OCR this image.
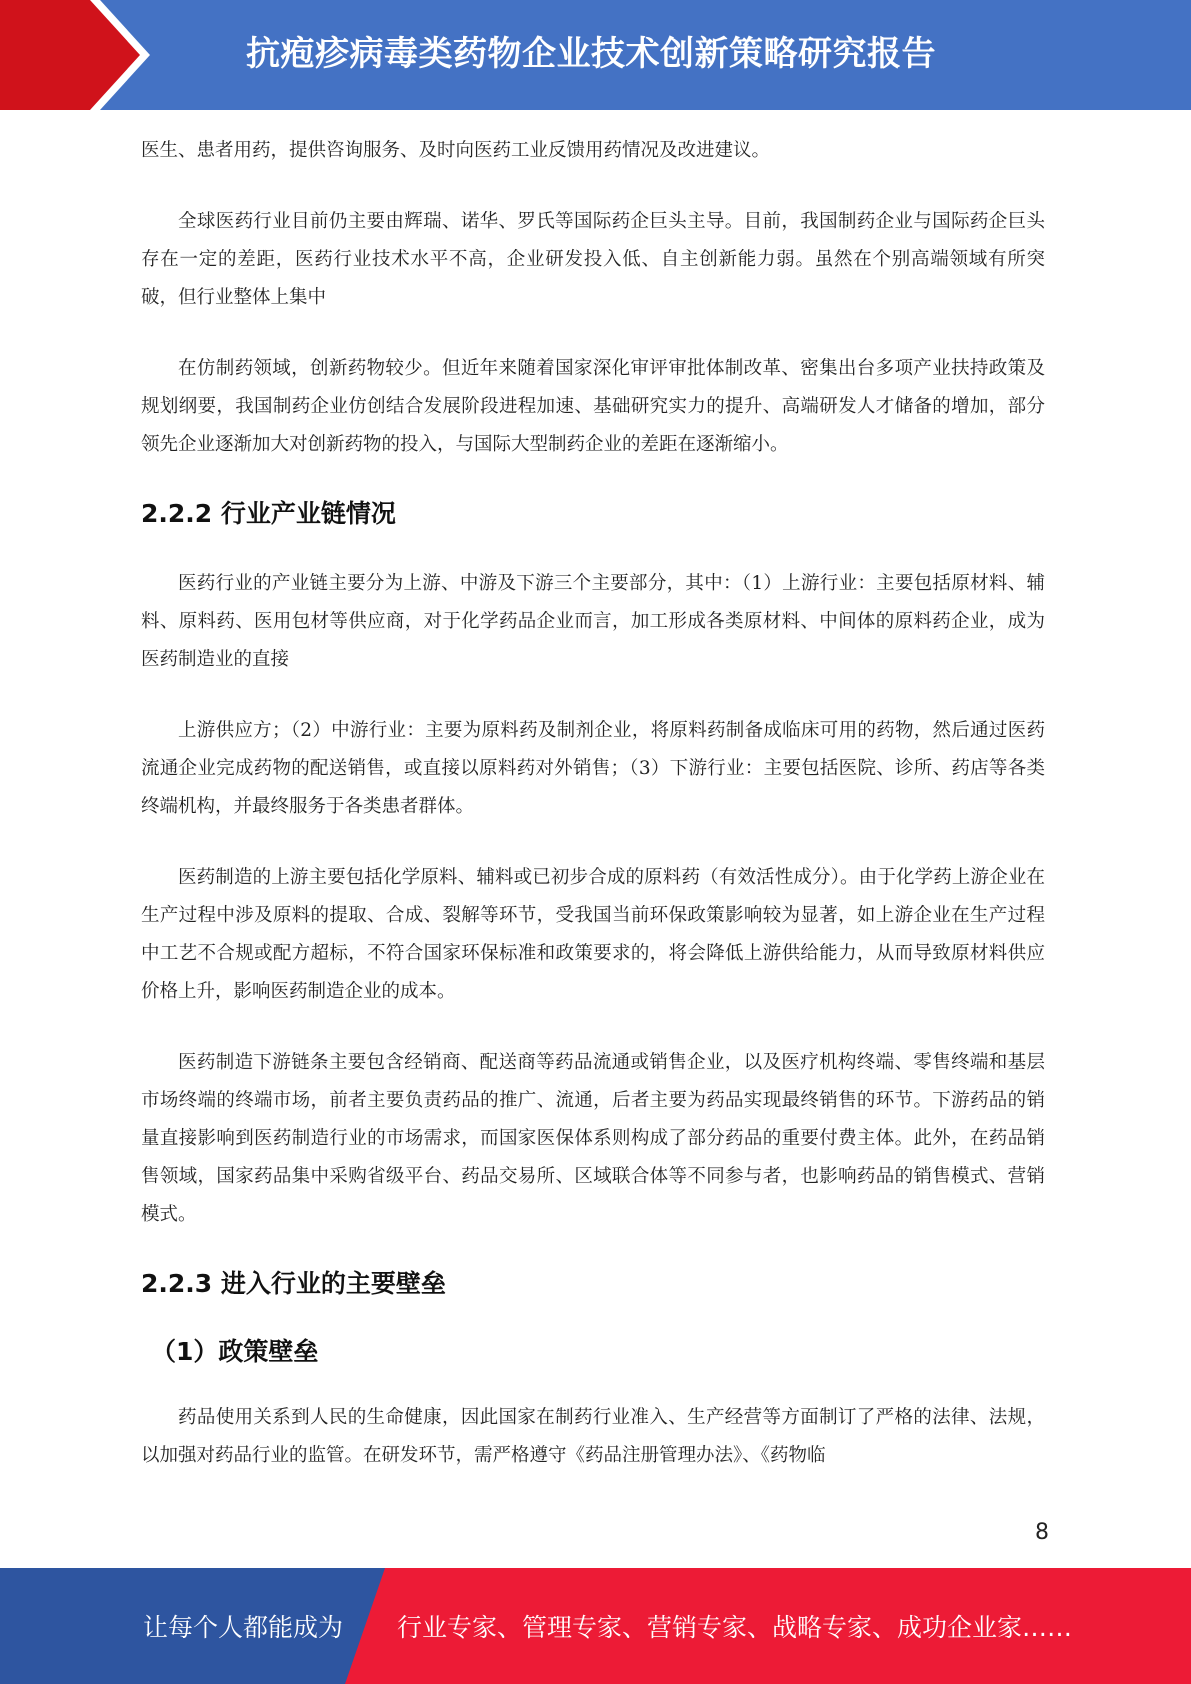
抗疱疹病毒类药物企业技术创新策略研究报告

医生、患者用药，提供咨询服务、及时向医药工业反馈用药情况及改进建议。

全球医药行业目前仍主要由辉瑞、诺华、罗氏等国际药企巨头主导。目前，我国制药企业与国际药企巨头存在一定的差距，医药行业技术水平不高，企业研发投入低、自主创新能力弱。虽然在个别高端领域有所突破，但行业整体上集中

在仿制药领域，创新药物较少。但近年来随着国家深化审评审批体制改革、密集出台多项产业扶持政策及规划纲要，我国制药企业仿创结合发展阶段进程加速、基础研究实力的提升、高端研发人才储备的增加，部分领先企业逐渐加大对创新药物的投入，与国际大型制药企业的差距在逐渐缩小。

2.2.2 行业产业链情况

医药行业的产业链主要分为上游、中游及下游三个主要部分，其中：（1）上游行业：主要包括原材料、辅料、原料药、医用包材等供应商，对于化学药品企业而言，加工形成各类原材料、中间体的原料药企业，成为医药制造业的直接

上游供应方；（2）中游行业：主要为原料药及制剂企业，将原料药制备成临床可用的药物，然后通过医药流通企业完成药物的配送销售，或直接以原料药对外销售；（3）下游行业：主要包括医院、诊所、药店等各类终端机构，并最终服务于各类患者群体。

医药制造的上游主要包括化学原料、辅料或已初步合成的原料药（有效活性成分）。由于化学药上游企业在生产过程中涉及原料的提取、合成、裂解等环节，受我国当前环保政策影响较为显著，如上游企业在生产过程中工艺不合规或配方超标，不符合国家环保标准和政策要求的，将会降低上游供给能力，从而导致原材料供应价格上升，影响医药制造企业的成本。

医药制造下游链条主要包含经销商、配送商等药品流通或销售企业，以及医疗机构终端、零售终端和基层市场终端的终端市场，前者主要负责药品的推广、流通，后者主要为药品实现最终销售的环节。下游药品的销量直接影响到医药制造行业的市场需求，而国家医保体系则构成了部分药品的重要付费主体。此外，在药品销售领域，国家药品集中采购省级平台、药品交易所、区域联合体等不同参与者，也影响药品的销售模式、营销模式。

2.2.3 进入行业的主要壁垒
（1）政策壁垒

药品使用关系到人民的生命健康，因此国家在制药行业准入、生产经营等方面制订了严格的法律、法规，以加强对药品行业的监管。在研发环节，需严格遵守《药品注册管理办法》、《药物临

8
让每个人都能成为 行业专家、管理专家、营销专家、战略专家、成功企业家……
